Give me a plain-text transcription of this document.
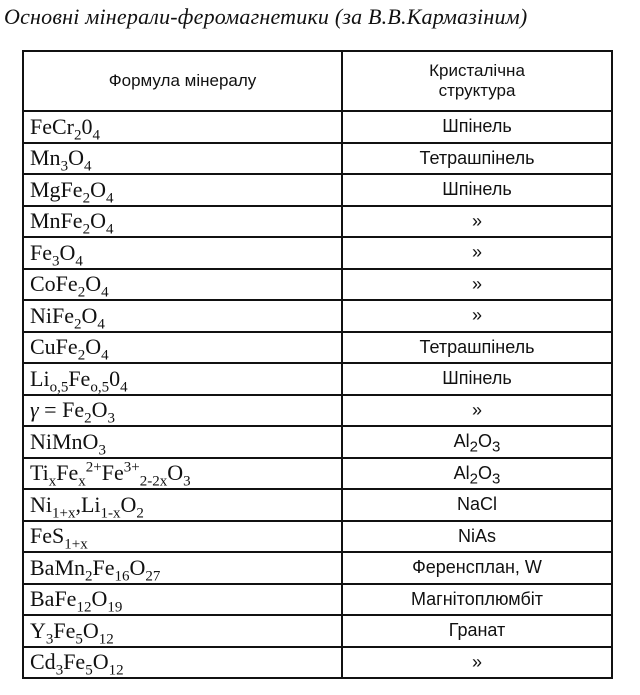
Основні мінерали-феромагнетики (за В.В.Кармазіним)
Формула мінералу	Кристалічна
структура

$FeCr_20_4$	Шпінель
$Mn_3O_4$	Тетрашпінель
$MgFe_2O_4$	Шпінель
$MnFe_2O_4$	»
$Fe_3O_4$	»
$CoFe_2O_4$	»
$NiFe_2O_4$	»
$CuFe_2O_4$	Тетрашпінель
$Li_{o,5}Fe_{o,5}0_4$	Шпінель
$\gamma = Fe_2O_3$	»
NiMnO$_3$	$Al_2O_3$
$Ti_xFe_x^{2+}Fe^{3+}_{2-2x}O_3$	$Al_2O_3$
$Ni_{1+x},Li_{1-x}O_2$	NaCl
FeS$_{1+x}$	NiAs
$BaMn_2Fe_{16}O_{27}$	Ференсплан, W
$BaFe_{12}O_{19}$	Магнітоплюмбіт
$Y_3Fe_5O_{12}$	Гранат
$Cd_3Fe_5O_{12}$	»
